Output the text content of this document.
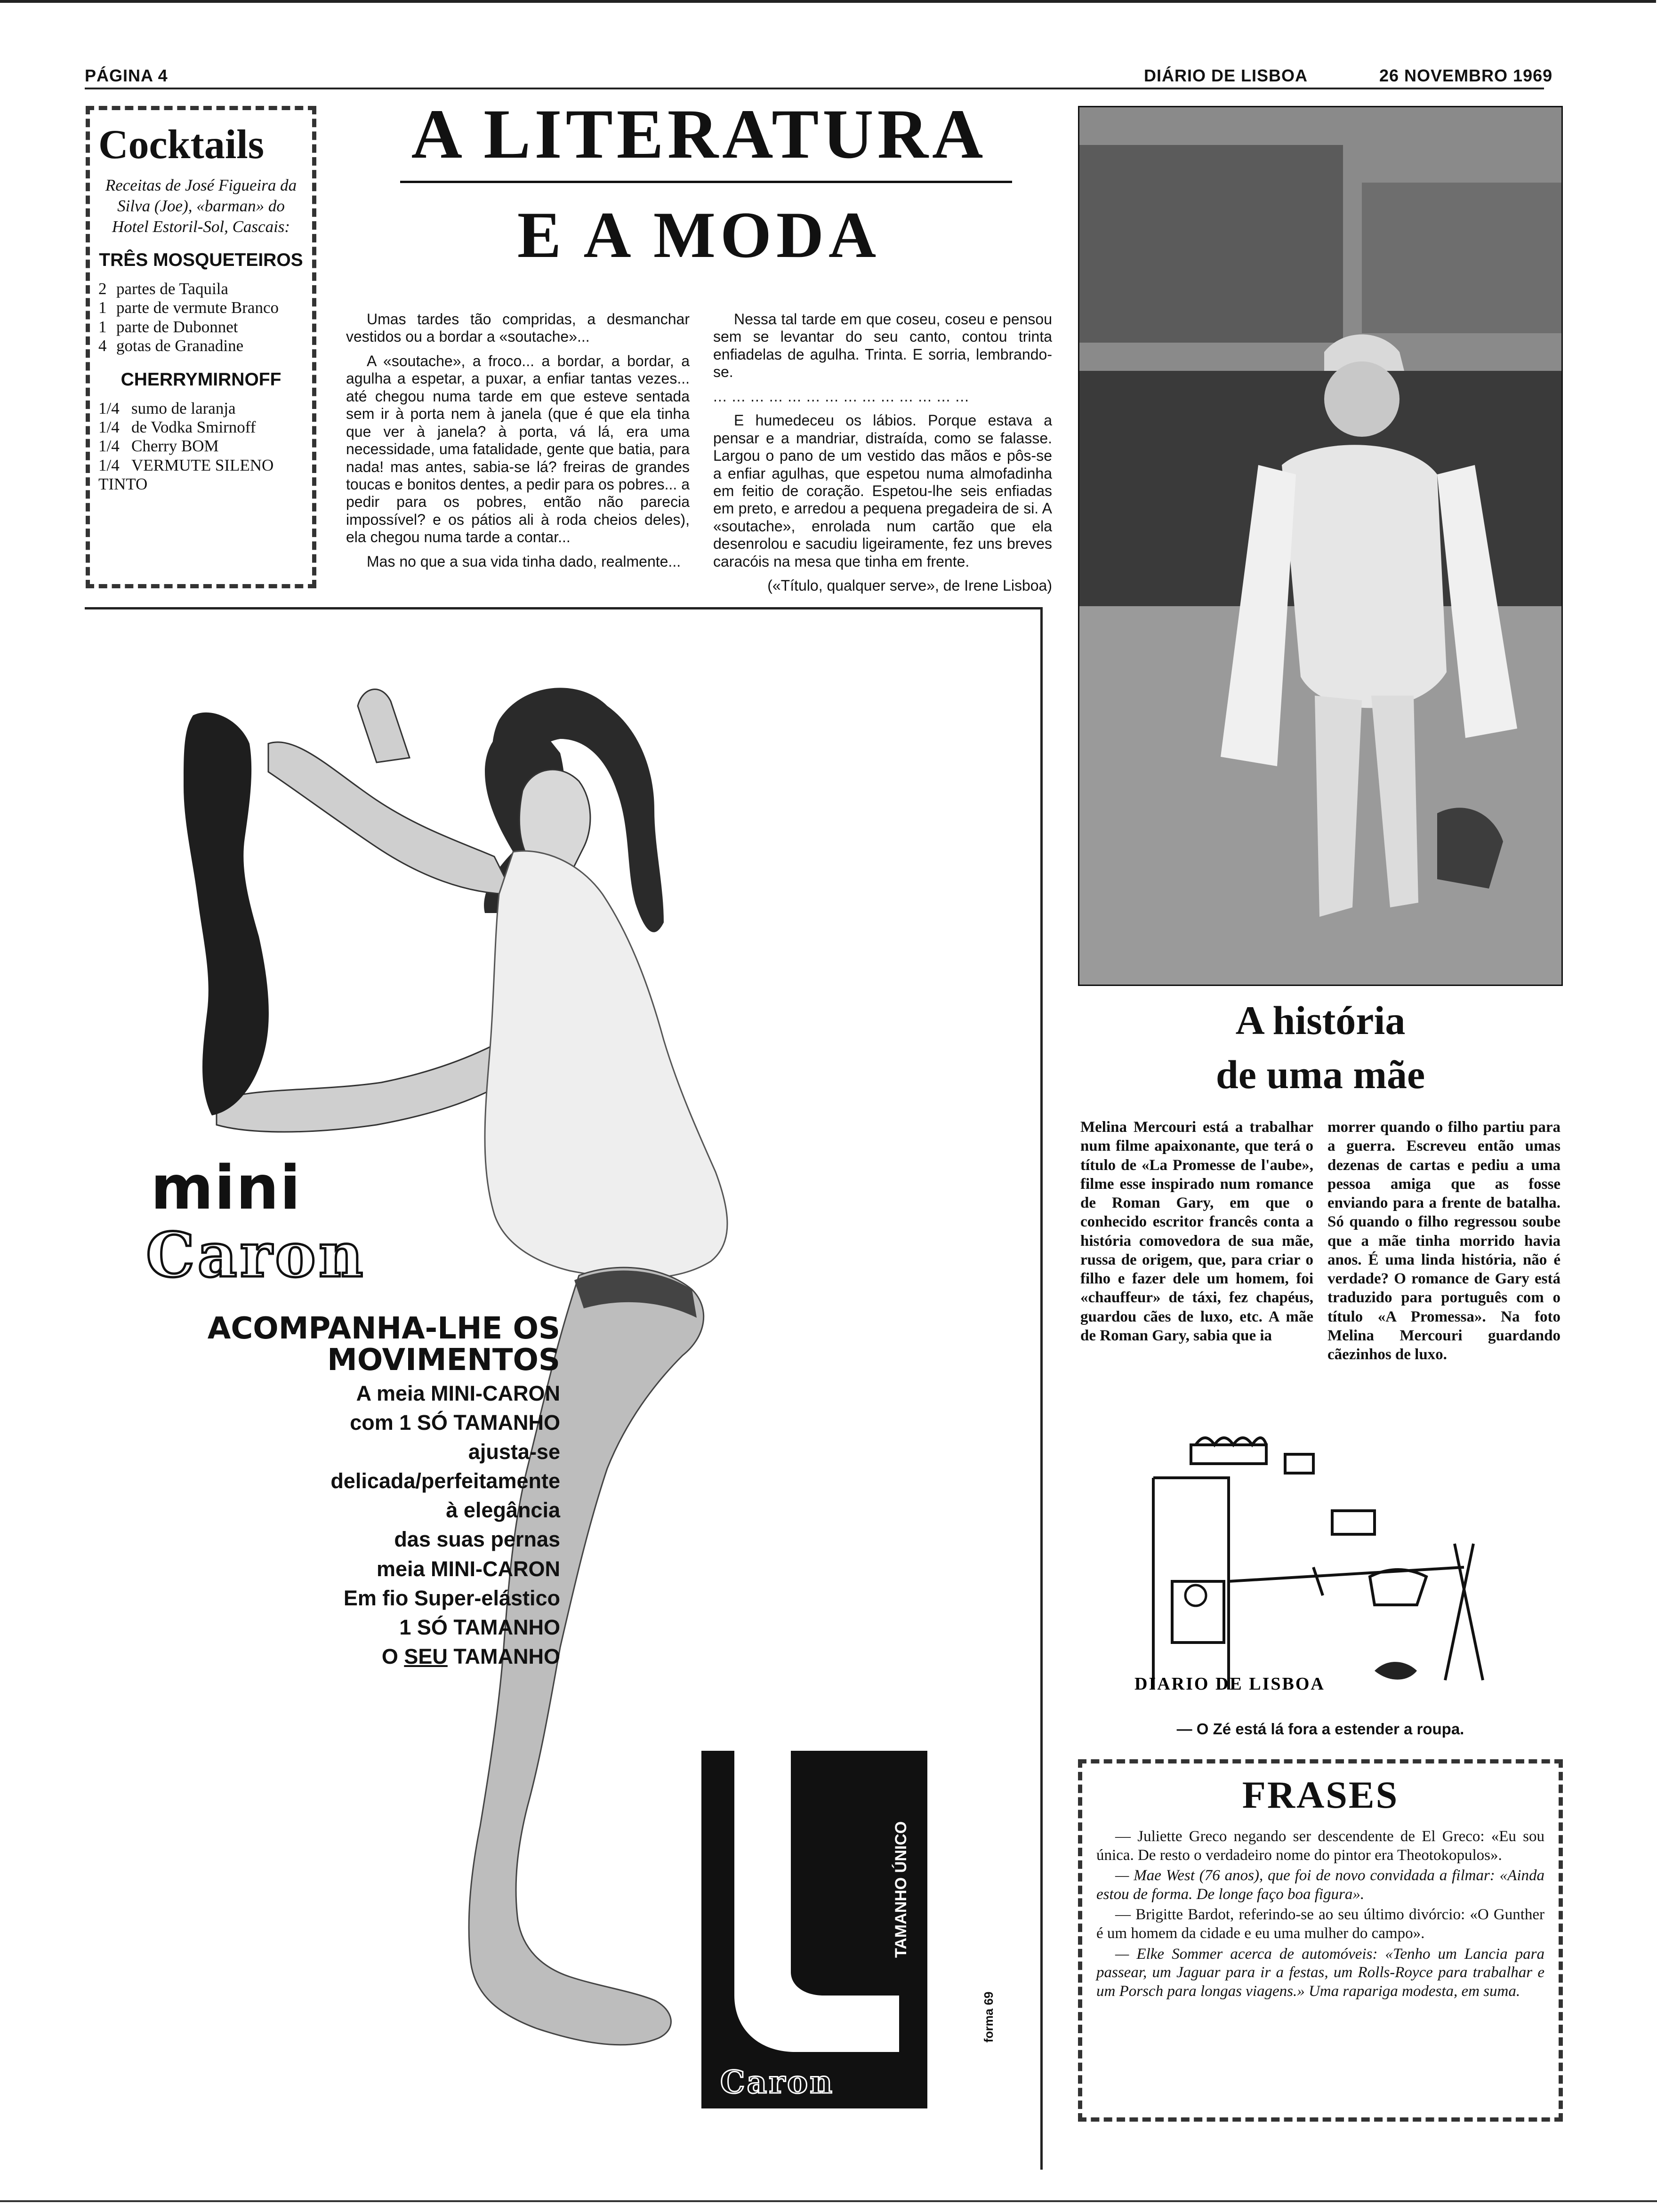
PÁGINA 4	DIÁRIO DE LISBOA	26 NOVEMBRO 1969
Cocktails
Receitas de José Figueira da Silva (Joe), «barman» do Hotel Estoril-Sol, Cascais:
TRÊS MOSQUETEIROS
2 partes de Taquila
1 parte de vermute Branco
1 parte de Dubonnet
4 gotas de Granadine
CHERRYMIRNOFF
1/4 sumo de laranja
1/4 de Vodka Smirnoff
1/4 Cherry BOM
1/4 VERMUTE SILENO TINTO
A LITERATURA
E A MODA

Umas tardes tão compridas, a desmanchar vestidos ou a bordar a «soutache»...

A «soutache», a froco... a bordar, a bordar, a agulha a espetar, a puxar, a enfiar tantas vezes... até chegou numa tarde em que esteve sentada sem ir à porta nem à janela (que é que ela tinha que ver à janela? à porta, vá lá, era uma necessidade, uma fatalidade, gente que batia, para nada! mas antes, sabia-se lá? freiras de grandes toucas e bonitos dentes, a pedir para os pobres... a pedir para os pobres, então não parecia impossível? e os pátios ali à roda cheios deles), ela chegou numa tarde a contar...

Mas no que a sua vida tinha dado, realmente...

Nessa tal tarde em que coseu, coseu e pensou sem se levantar do seu canto, contou trinta enfiadelas de agulha. Trinta. E sorria, lembrando-se.

... ... ... ... ... ... ... ... ... ... ... ... ... ...

E humedeceu os lábios. Porque estava a pensar e a mandriar, distraída, como se falasse. Largou o pano de um vestido das mãos e pôs-se a enfiar agulhas, que espetou numa almofadinha em feitio de coração. Espetou-lhe seis enfiadas em preto, e arredou a pequena pregadeira de si. A «soutache», enrolada num cartão que ela desenrolou e sacudiu ligeiramente, fez uns breves caracóis na mesa que tinha em frente.

(«Título, qualquer serve», de Irene Lisboa)

mini
Caron
ACOMPANHA-LHE OS MOVIMENTOS
A meia MINI-CARON
com 1 SÓ TAMANHO
ajusta-se
delicada/perfeitamente
à elegância
das suas pernas
meia MINI-CARON
Em fio Super-elástico
1 SÓ TAMANHO
O SEU TAMANHO
TAMANHO ÚNICO
mini
Caron
forma 69
A história
de uma mãe
Melina Mercouri está a trabalhar num filme apaixonante, que terá o título de «La Promesse de l'aube», filme esse inspirado num romance de Roman Gary, em que o conhecido escritor francês conta a história comovedora de sua mãe, russa de origem, que, para criar o filho e fazer dele um homem, foi «chauffeur» de táxi, fez chapéus, guardou cães de luxo, etc. A mãe de Roman Gary, sabia que ia
morrer quando o filho partiu para a guerra. Escreveu então umas dezenas de cartas e pediu a uma pessoa amiga que as fosse enviando para a frente de batalha. Só quando o filho regressou soube que a mãe tinha morrido havia anos. É uma linda história, não é verdade? O romance de Gary está traduzido para português com o título «A Promessa». Na foto Melina Mercouri guardando cãezinhos de luxo.
DIARIO DE LISBOA
— O Zé está lá fora a estender a roupa.
FRASES

— Juliette Greco negando ser descendente de El Greco: «Eu sou única. De resto o verdadeiro nome do pintor era Theotokopulos».

— Mae West (76 anos), que foi de novo convidada a filmar: «Ainda estou de forma. De longe faço boa figura».

— Brigitte Bardot, referindo-se ao seu último divórcio: «O Gunther é um homem da cidade e eu uma mulher do campo».

— Elke Sommer acerca de automóveis: «Tenho um Lancia para passear, um Jaguar para ir a festas, um Rolls-Royce para trabalhar e um Porsch para longas viagens.» Uma rapariga modesta, em suma.
